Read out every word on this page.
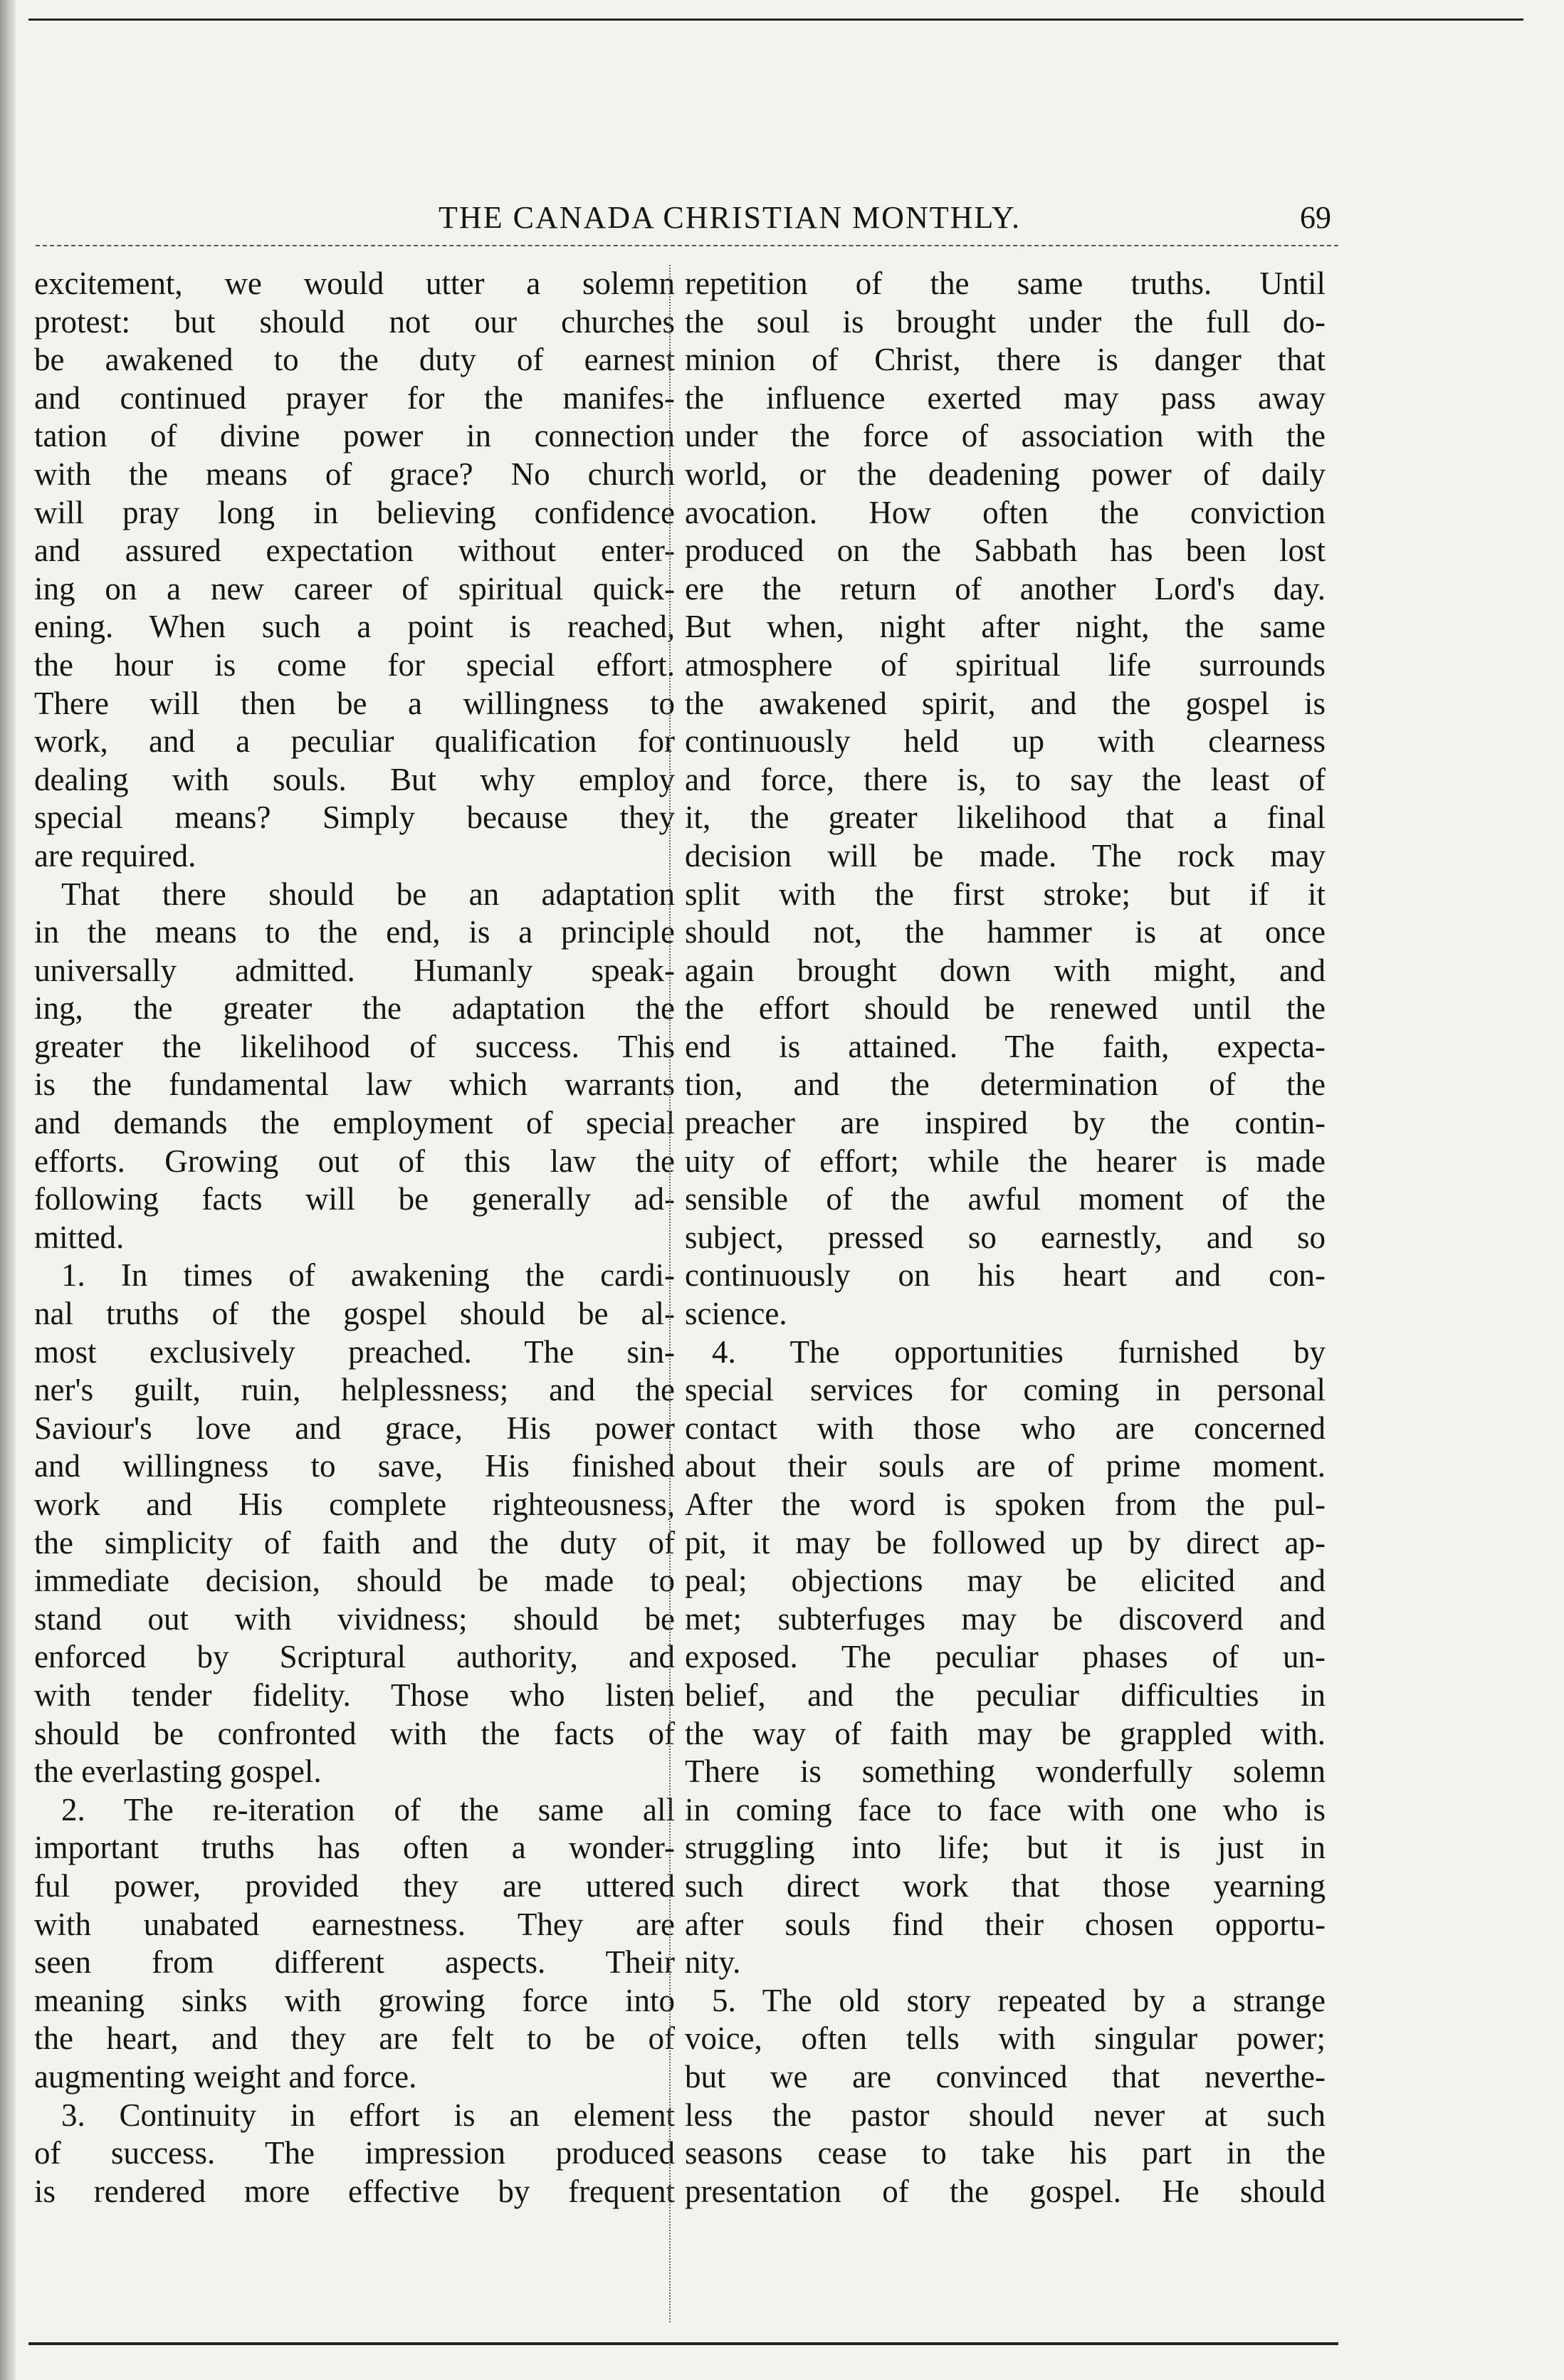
THE CANADA CHRISTIAN MONTHLY.	69
excitement, we would utter a solemn
protest: but should not our churches
be awakened to the duty of earnest
and continued prayer for the manifes-
tation of divine power in connection
with the means of grace? No church
will pray long in believing confidence
and assured expectation without enter-
ing on a new career of spiritual quick-
ening. When such a point is reached,
the hour is come for special effort.
There will then be a willingness to
work, and a peculiar qualification for
dealing with souls. But why employ
special means? Simply because they
are required.
That there should be an adaptation
in the means to the end, is a principle
universally admitted. Humanly speak-
ing, the greater the adaptation the
greater the likelihood of success. This
is the fundamental law which warrants
and demands the employment of special
efforts. Growing out of this law the
following facts will be generally ad-
mitted.
1. In times of awakening the cardi-
nal truths of the gospel should be al-
most exclusively preached. The sin-
ner's guilt, ruin, helplessness; and the
Saviour's love and grace, His power
and willingness to save, His finished
work and His complete righteousness,
the simplicity of faith and the duty of
immediate decision, should be made to
stand out with vividness; should be
enforced by Scriptural authority, and
with tender fidelity. Those who listen
should be confronted with the facts of
the everlasting gospel.
2. The re-iteration of the same all
important truths has often a wonder-
ful power, provided they are uttered
with unabated earnestness. They are
seen from different aspects. Their
meaning sinks with growing force into
the heart, and they are felt to be of
augmenting weight and force.
3. Continuity in effort is an element
of success. The impression produced
is rendered more effective by frequent
repetition of the same truths. Until
the soul is brought under the full do-
minion of Christ, there is danger that
the influence exerted may pass away
under the force of association with the
world, or the deadening power of daily
avocation. How often the conviction
produced on the Sabbath has been lost
ere the return of another Lord's day.
But when, night after night, the same
atmosphere of spiritual life surrounds
the awakened spirit, and the gospel is
continuously held up with clearness
and force, there is, to say the least of
it, the greater likelihood that a final
decision will be made. The rock may
split with the first stroke; but if it
should not, the hammer is at once
again brought down with might, and
the effort should be renewed until the
end is attained. The faith, expecta-
tion, and the determination of the
preacher are inspired by the contin-
uity of effort; while the hearer is made
sensible of the awful moment of the
subject, pressed so earnestly, and so
continuously on his heart and con-
science.
4. The opportunities furnished by
special services for coming in personal
contact with those who are concerned
about their souls are of prime moment.
After the word is spoken from the pul-
pit, it may be followed up by direct ap-
peal; objections may be elicited and
met; subterfuges may be discoverd and
exposed. The peculiar phases of un-
belief, and the peculiar difficulties in
the way of faith may be grappled with.
There is something wonderfully solemn
in coming face to face with one who is
struggling into life; but it is just in
such direct work that those yearning
after souls find their chosen opportu-
nity.
5. The old story repeated by a strange
voice, often tells with singular power;
but we are convinced that neverthe-
less the pastor should never at such
seasons cease to take his part in the
presentation of the gospel. He should
